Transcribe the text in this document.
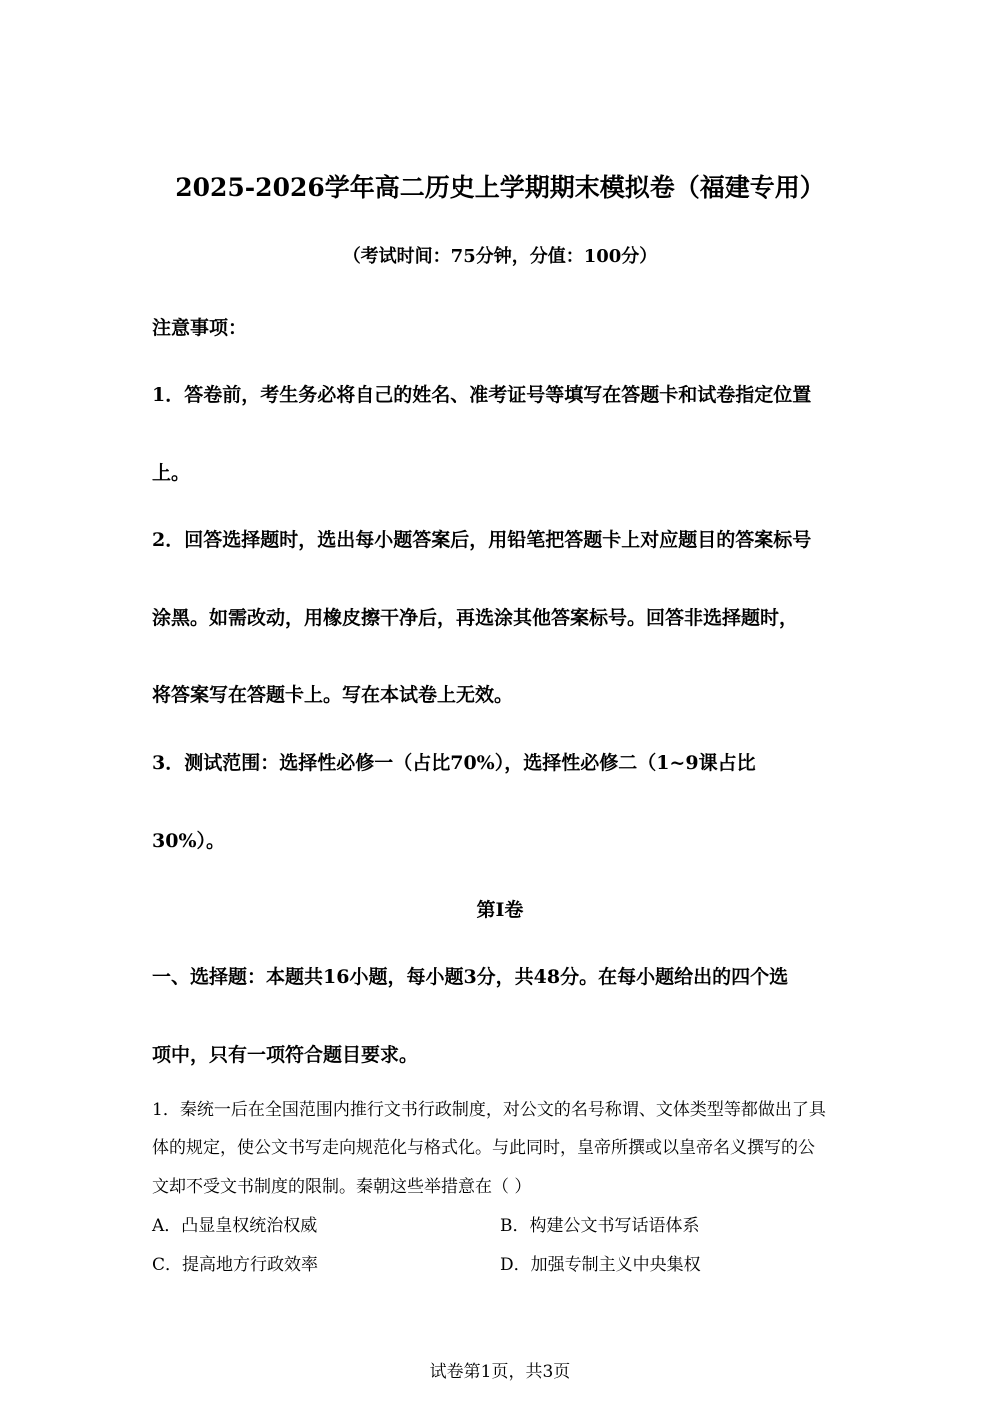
2025-2026学年高二历史上学期期末模拟卷（福建专用）
（考试时间：75分钟，分值：100分）
注意事项：
1．答卷前，考生务必将自己的姓名、准考证号等填写在答题卡和试卷指定位置
上。
2．回答选择题时，选出每小题答案后，用铅笔把答题卡上对应题目的答案标号
涂黑。如需改动，用橡皮擦干净后，再选涂其他答案标号。回答非选择题时，
将答案写在答题卡上。写在本试卷上无效。
3．测试范围：选择性必修一（占比70%），选择性必修二（1~9课占比
30%）。
第Ⅰ卷
一、选择题：本题共16小题，每小题3分，共48分。在每小题给出的四个选
项中，只有一项符合题目要求。
1．秦统一后在全国范围内推行文书行政制度，对公文的名号称谓、文体类型等都做出了具
体的规定，使公文书写走向规范化与格式化。与此同时，皇帝所撰或以皇帝名义撰写的公
文却不受文书制度的限制。秦朝这些举措意在（ ）
A．凸显皇权统治权威	B．构建公文书写话语体系
C．提高地方行政效率	D．加强专制主义中央集权
试卷第1页，共3页
